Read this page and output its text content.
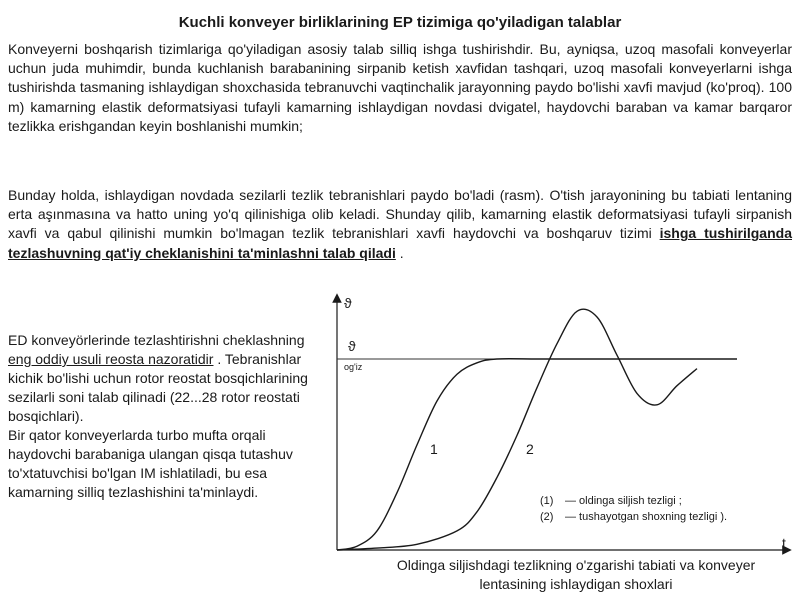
Kuchli konveyer birliklarining EP tizimiga qo'yiladigan talablar
Konveyerni boshqarish tizimlariga qo'yiladigan asosiy talab silliq ishga tushirishdir. Bu, ayniqsa, uzoq masofali konveyerlar uchun juda muhimdir, bunda kuchlanish barabanining sirpanib ketish xavfidan tashqari, uzoq masofali konveyerlarni ishga tushirishda tasmaning ishlaydigan shoxchasida tebranuvchi vaqtinchalik jarayonning paydo bo'lishi xavfi mavjud (ko'proq). 100 m) kamarning elastik deformatsiyasi tufayli kamarning ishlaydigan novdasi dvigatel, haydovchi baraban va kamar barqaror tezlikka erishgandan keyin boshlanishi mumkin;
Bunday holda, ishlaydigan novdada sezilarli tezlik tebranishlari paydo bo'ladi (rasm). O'tish jarayonining bu tabiati lentaning erta aşınmasına va hatto uning yo'q qilinishiga olib keladi. Shunday qilib, kamarning elastik deformatsiyasi tufayli sirpanish xavfi va qabul qilinishi mumkin bo'lmagan tezlik tebranishlari xavfi haydovchi va boshqaruv tizimi ishga tushirilganda tezlashuvning qat'iy cheklanishini ta'minlashni talab qiladi .
ED konveyörlerinde tezlashtirishni cheklashning eng oddiy usuli reosta nazoratidir . Tebranishlar kichik bo'lishi uchun rotor reostat bosqichlarining sezilarli soni talab qilinadi (22...28 rotor reostati bosqichlari).
Bir qator konveyerlarda turbo mufta orqali haydovchi barabaniga ulangan qisqa tutashuv to'xtatuvchisi bo'lgan IM ishlatiladi, bu esa kamarning silliq tezlashishini ta'minlaydi.
ϑ
t
ϑ
og'iz
1	2
(1) — oldinga siljish tezligi ;
(2) — tushayotgan shoxning tezligi ).
Oldinga siljishdagi tezlikning o'zgarishi tabiati va konveyer lentasining ishlaydigan shoxlari
